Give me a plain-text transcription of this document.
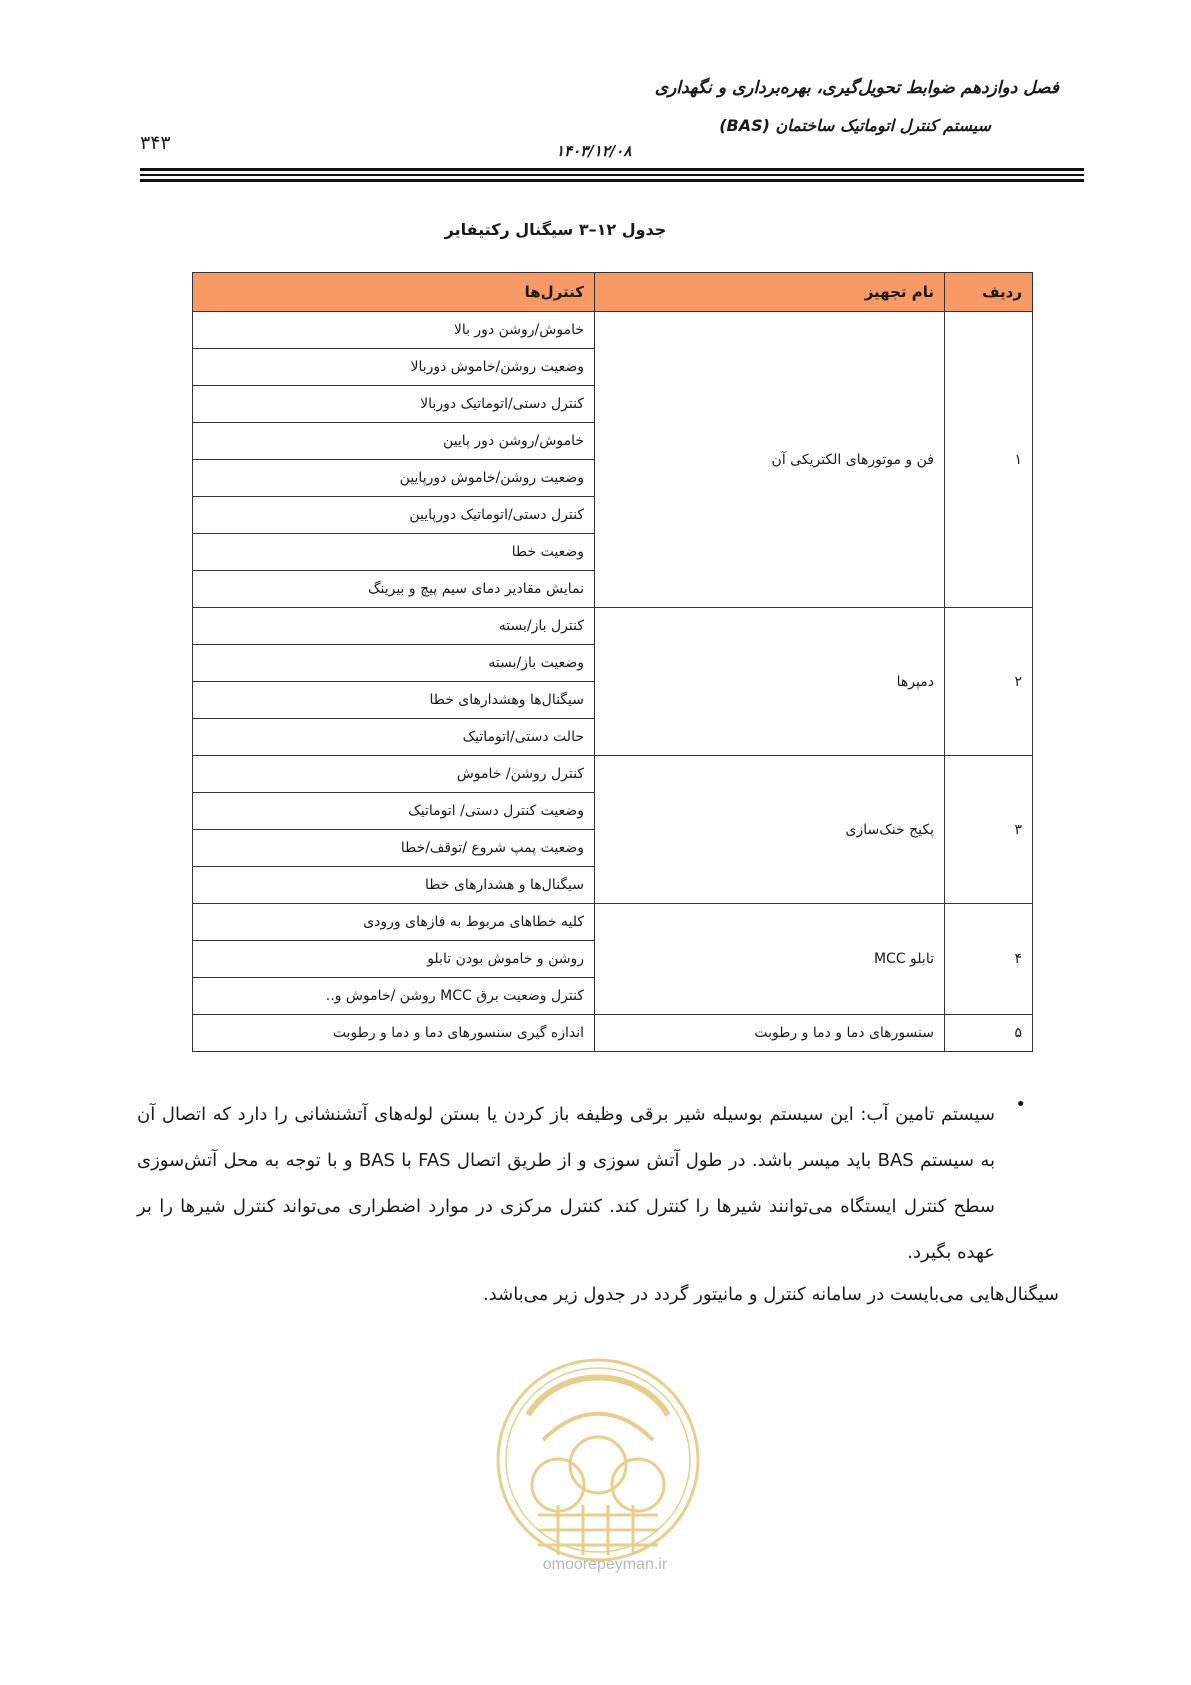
فصل دوازدهم ضوابط تحویل‌گیری، بهره‌برداری و نگهداری
سیستم کنترل اتوماتیک ساختمان (BAS)
۱۴۰۳/۱۲/۰۸
۳۴۳
جدول ۱۲–۳ سیگنال رکتیفایر
ردیف	نام تجهیز	کنترل‌ها
۱	فن و موتورهای الکتریکی آن	خاموش/روشن دور بالا
		وضعیت روشن/خاموش دوربالا
		کنترل دستی/اتوماتیک دوربالا
		خاموش/روشن دور پایین
		وضعیت روشن/خاموش دورپایین
		کنترل دستی/اتوماتیک دورپایین
		وضعیت خطا
		نمایش مقادیر دمای سیم پیچ و بیرینگ
۲	دمپرها	کنترل باز/بسته
		وضعیت باز/بسته
		سیگنال‌ها وهشدارهای خطا
		حالت دستی/اتوماتیک
۳	پکیج خنک‌سازی	کنترل روشن/ خاموش
		وضعیت کنترل دستی/ اتوماتیک
		وضعیت پمپ شروع /توقف/خطا
		سیگنال‌ها و هشدارهای خطا
۴	تابلو MCC	کلیه خطاهای مربوط به فازهای ورودی
		روشن و خاموش بودن تابلو
		کنترل وضعیت برق MCC روشن /خاموش و..
۵	سنسورهای دما و دما و رطوبت	اندازه گیری سنسورهای دما و دما و رطوبت
•
سیستم تامین آب: این سیستم بوسیله شیر برقی وظیفه باز کردن یا بستن لوله‌های آتشنشانی را دارد که اتصال آن به سیستم BAS باید میسر باشد. در طول آتش سوزی و از طریق اتصال FAS با BAS و با توجه به محل آتش‌سوزی سطح کنترل ایستگاه می‌توانند شیرها را کنترل کند. کنترل مرکزی در موارد اضطراری می‌تواند کنترل شیرها را بر عهده بگیرد.
سیگنال‌هایی می‌بایست در سامانه کنترل و مانیتور گردد در جدول زیر می‌باشد.
omoorepeyman.ir
